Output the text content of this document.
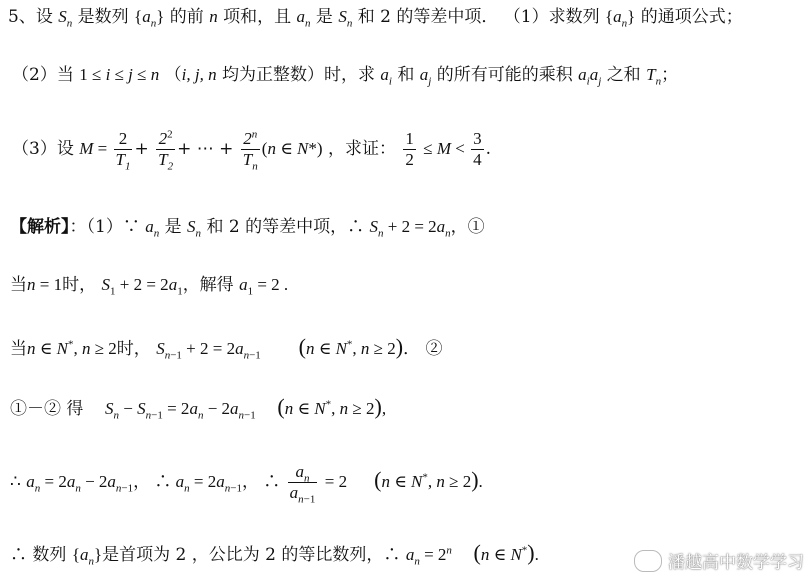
5、设 $S_n$ 是数列 $\{a_n\}$ 的前 n 项和，且 $a_n$ 是 $S_n$ 和 2 的等差中项． （1）求数列 $\{a_n\}$ 的通项公式；
（2）当 1 ≤ i ≤ j ≤ n （i, j, n 均为正整数）时，求 $a_i$ 和 $a_j$ 的所有可能的乘积 $a_ia_j$ 之和 $T_n$；
（3）设 $M = \frac{2}{T_1} + \frac{2^2}{T_2}$ + ⋯ + $\frac{2^n}{T_n} (n$ ∈ N*) ，求证： $\frac{1}{2} \le M < \frac{3}{4}$ .
【解析】：（1）∵ $a_n$ 是 $S_n$ 和 2 的等差中项，∴ $S_n + 2 = 2a_n$，①
当n = 1时， $S_1 + 2 = 2a_1$，解得 $a_1 = 2$ .
当n ∈ N*, n ≥ 2时， $S_{n-1} + 2 = 2a_{n-1}$ (n ∈ N*, n ≥ 2)． ②
①－② 得 $S_n - S_{n-1} = 2a_n - 2a_{n-1}$ (n ∈ N*, n ≥ 2),
∴ $a_n = 2a_n - 2a_{n-1}$， ∴ $a_n = 2a_{n-1}$， ∴ $\frac{a_n}{a_{n-1}} = 2$ (n ∈ N*, n ≥ 2).
∴ 数列 $\{a_n\}$是首项为 2 ，公比为 2 的等比数列，∴ $a_n = 2^n$ (n ∈ N*).	潘越高中数学学习
